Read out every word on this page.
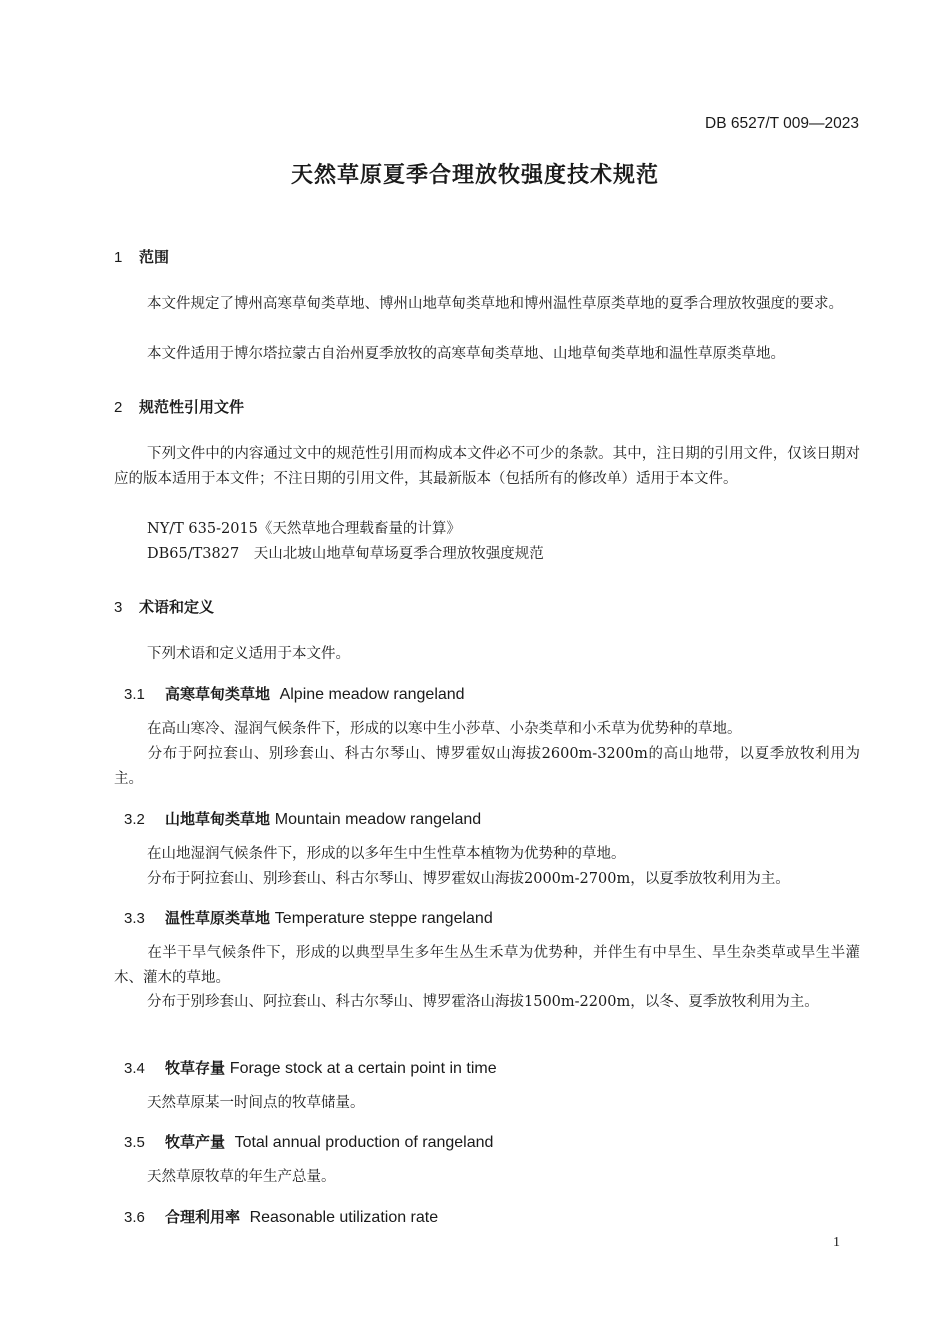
DB 6527/T 009—2023
天然草原夏季合理放牧强度技术规范
1 范围
本文件规定了博州高寒草甸类草地、博州山地草甸类草地和博州温性草原类草地的夏季合理放牧强度的要求。
本文件适用于博尔塔拉蒙古自治州夏季放牧的高寒草甸类草地、山地草甸类草地和温性草原类草地。
2 规范性引用文件
下列文件中的内容通过文中的规范性引用而构成本文件必不可少的条款。其中，注日期的引用文件，仅该日期对应的版本适用于本文件；不注日期的引用文件，其最新版本（包括所有的修改单）适用于本文件。
NY/T 635-2015《天然草地合理载畜量的计算》
DB65/T3827　天山北坡山地草甸草场夏季合理放牧强度规范
3 术语和定义
下列术语和定义适用于本文件。
3.1 高寒草甸类草地 Alpine meadow rangeland
在高山寒冷、湿润气候条件下，形成的以寒中生小莎草、小杂类草和小禾草为优势种的草地。
分布于阿拉套山、别珍套山、科古尔琴山、博罗霍奴山海拔2600m-3200m的高山地带，以夏季放牧利用为主。
3.2 山地草甸类草地 Mountain meadow rangeland
在山地湿润气候条件下，形成的以多年生中生性草本植物为优势种的草地。
分布于阿拉套山、别珍套山、科古尔琴山、博罗霍奴山海拔2000m-2700m，以夏季放牧利用为主。
3.3 温性草原类草地 Temperature steppe rangeland
在半干旱气候条件下，形成的以典型旱生多年生丛生禾草为优势种，并伴生有中旱生、旱生杂类草或旱生半灌木、灌木的草地。
分布于别珍套山、阿拉套山、科古尔琴山、博罗霍洛山海拔1500m-2200m，以冬、夏季放牧利用为主。
3.4 牧草存量 Forage stock at a certain point in time
天然草原某一时间点的牧草储量。
3.5 牧草产量 Total annual production of rangeland
天然草原牧草的年生产总量。
3.6 合理利用率 Reasonable utilization rate
1
